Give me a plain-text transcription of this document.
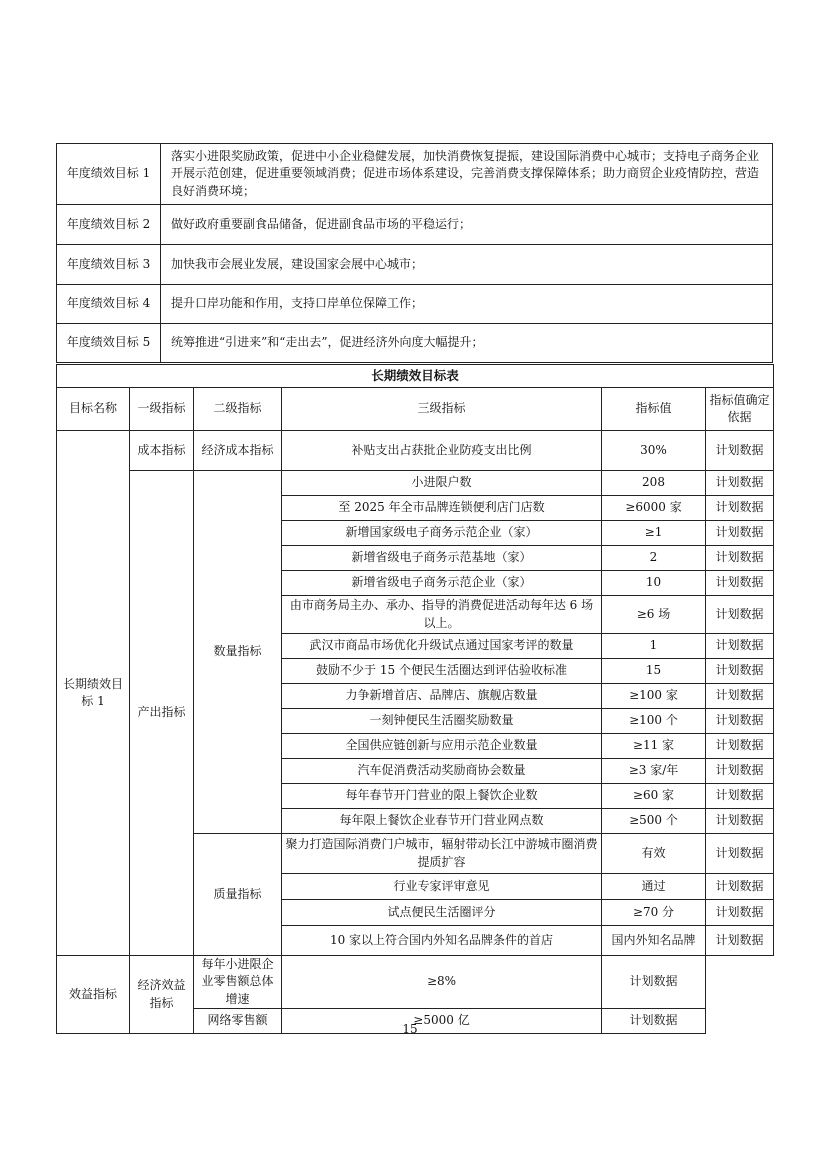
年度绩效目标 1	落实小进限奖励政策，促进中小企业稳健发展，加快消费恢复提振，建设国际消费中心城市；支持电子商务企业开展示范创建，促进重要领域消费；促进市场体系建设，完善消费支撑保障体系；助力商贸企业疫情防控，营造良好消费环境；
年度绩效目标 2	做好政府重要副食品储备，促进副食品市场的平稳运行；
年度绩效目标 3	加快我市会展业发展，建设国家会展中心城市；
年度绩效目标 4	提升口岸功能和作用，支持口岸单位保障工作；
年度绩效目标 5	统筹推进“引进来”和“走出去”，促进经济外向度大幅提升；
长期绩效目标表					
目标名称	一级指标	二级指标	三级指标	指标值	指标值确定依据
长期绩效目标 1	成本指标	经济成本指标	补贴支出占获批企业防疫支出比例	30%	计划数据
	产出指标	数量指标	小进限户数	208	计划数据
			至 2025 年全市品牌连锁便利店门店数	≥6000 家	计划数据
			新增国家级电子商务示范企业（家）	≥1	计划数据
			新增省级电子商务示范基地（家）	2	计划数据
			新增省级电子商务示范企业（家）	10	计划数据
			由市商务局主办、承办、指导的消费促进活动每年达 6 场以上。	≥6 场	计划数据
			武汉市商品市场优化升级试点通过国家考评的数量	1	计划数据
			鼓励不少于 15 个便民生活圈达到评估验收标准	15	计划数据
			力争新增首店、品牌店、旗舰店数量	≥100 家	计划数据
			一刻钟便民生活圈奖励数量	≥100 个	计划数据
			全国供应链创新与应用示范企业数量	≥11 家	计划数据
			汽车促消费活动奖励商协会数量	≥3 家/年	计划数据
			每年春节开门营业的限上餐饮企业数	≥60 家	计划数据
			每年限上餐饮企业春节开门营业网点数	≥500 个	计划数据
		质量指标	聚力打造国际消费门户城市，辐射带动长江中游城市圈消费提质扩容	有效	计划数据
			行业专家评审意见	通过	计划数据
			试点便民生活圈评分	≥70 分	计划数据
			10 家以上符合国内外知名品牌条件的首店	国内外知名品牌	计划数据
效益指标	经济效益指标	每年小进限企业零售额总体增速	≥8%	计划数据	
		网络零售额	≥5000 亿	计划数据	
15
